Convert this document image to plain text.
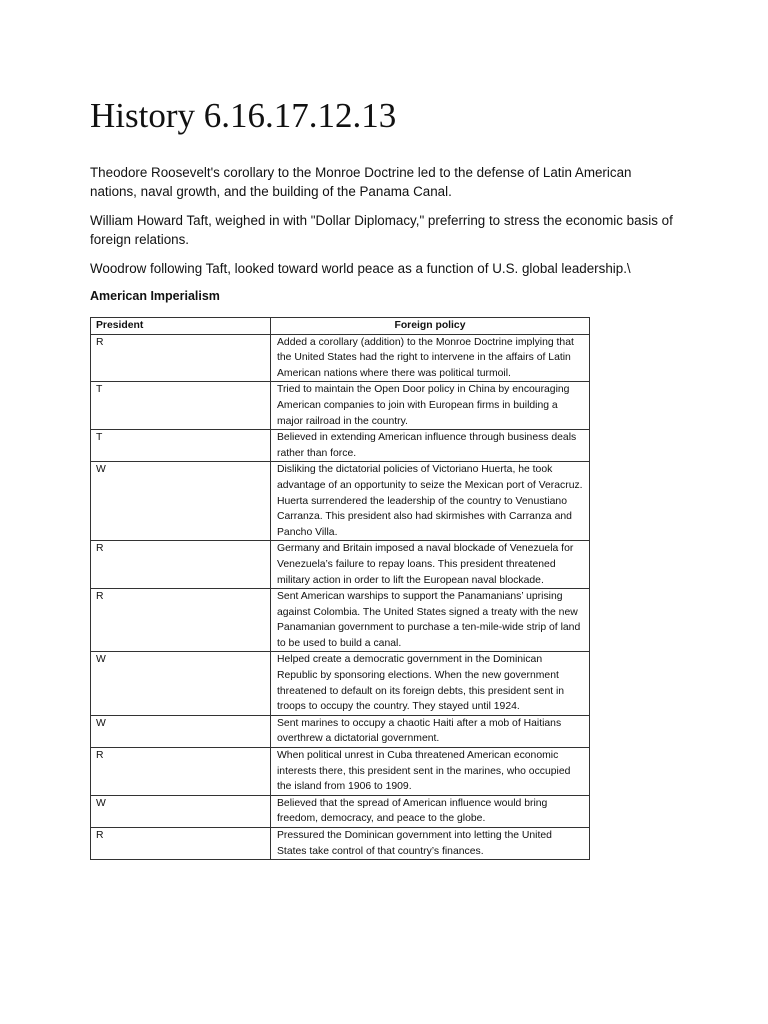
History 6.16.17.12.13

Theodore Roosevelt's corollary to the Monroe Doctrine led to the defense of Latin American nations, naval growth, and the building of the Panama Canal.

William Howard Taft, weighed in with "Dollar Diplomacy," preferring to stress the economic basis of foreign relations.

Woodrow following Taft, looked toward world peace as a function of U.S. global leadership.\

American Imperialism

President	Foreign policy
R	Added a corollary (addition) to the Monroe Doctrine implying that the United States had the right to intervene in the affairs of Latin American nations where there was political turmoil.
T	Tried to maintain the Open Door policy in China by encouraging American companies to join with European firms in building a major railroad in the country.
T	Believed in extending American influence through business deals rather than force.
W	Disliking the dictatorial policies of Victoriano Huerta, he took advantage of an opportunity to seize the Mexican port of Veracruz. Huerta surrendered the leadership of the country to Venustiano Carranza. This president also had skirmishes with Carranza and Pancho Villa.
R	Germany and Britain imposed a naval blockade of Venezuela for Venezuela’s failure to repay loans. This president threatened military action in order to lift the European naval blockade.
R	Sent American warships to support the Panamanians’ uprising against Colombia. The United States signed a treaty with the new Panamanian government to purchase a ten-mile-wide strip of land to be used to build a canal.
W	Helped create a democratic government in the Dominican Republic by sponsoring elections. When the new government threatened to default on its foreign debts, this president sent in troops to occupy the country. They stayed until 1924.
W	Sent marines to occupy a chaotic Haiti after a mob of Haitians overthrew a dictatorial government.
R	When political unrest in Cuba threatened American economic interests there, this president sent in the marines, who occupied the island from 1906 to 1909.
W	Believed that the spread of American influence would bring freedom, democracy, and peace to the globe.
R	Pressured the Dominican government into letting the United States take control of that country’s finances.
